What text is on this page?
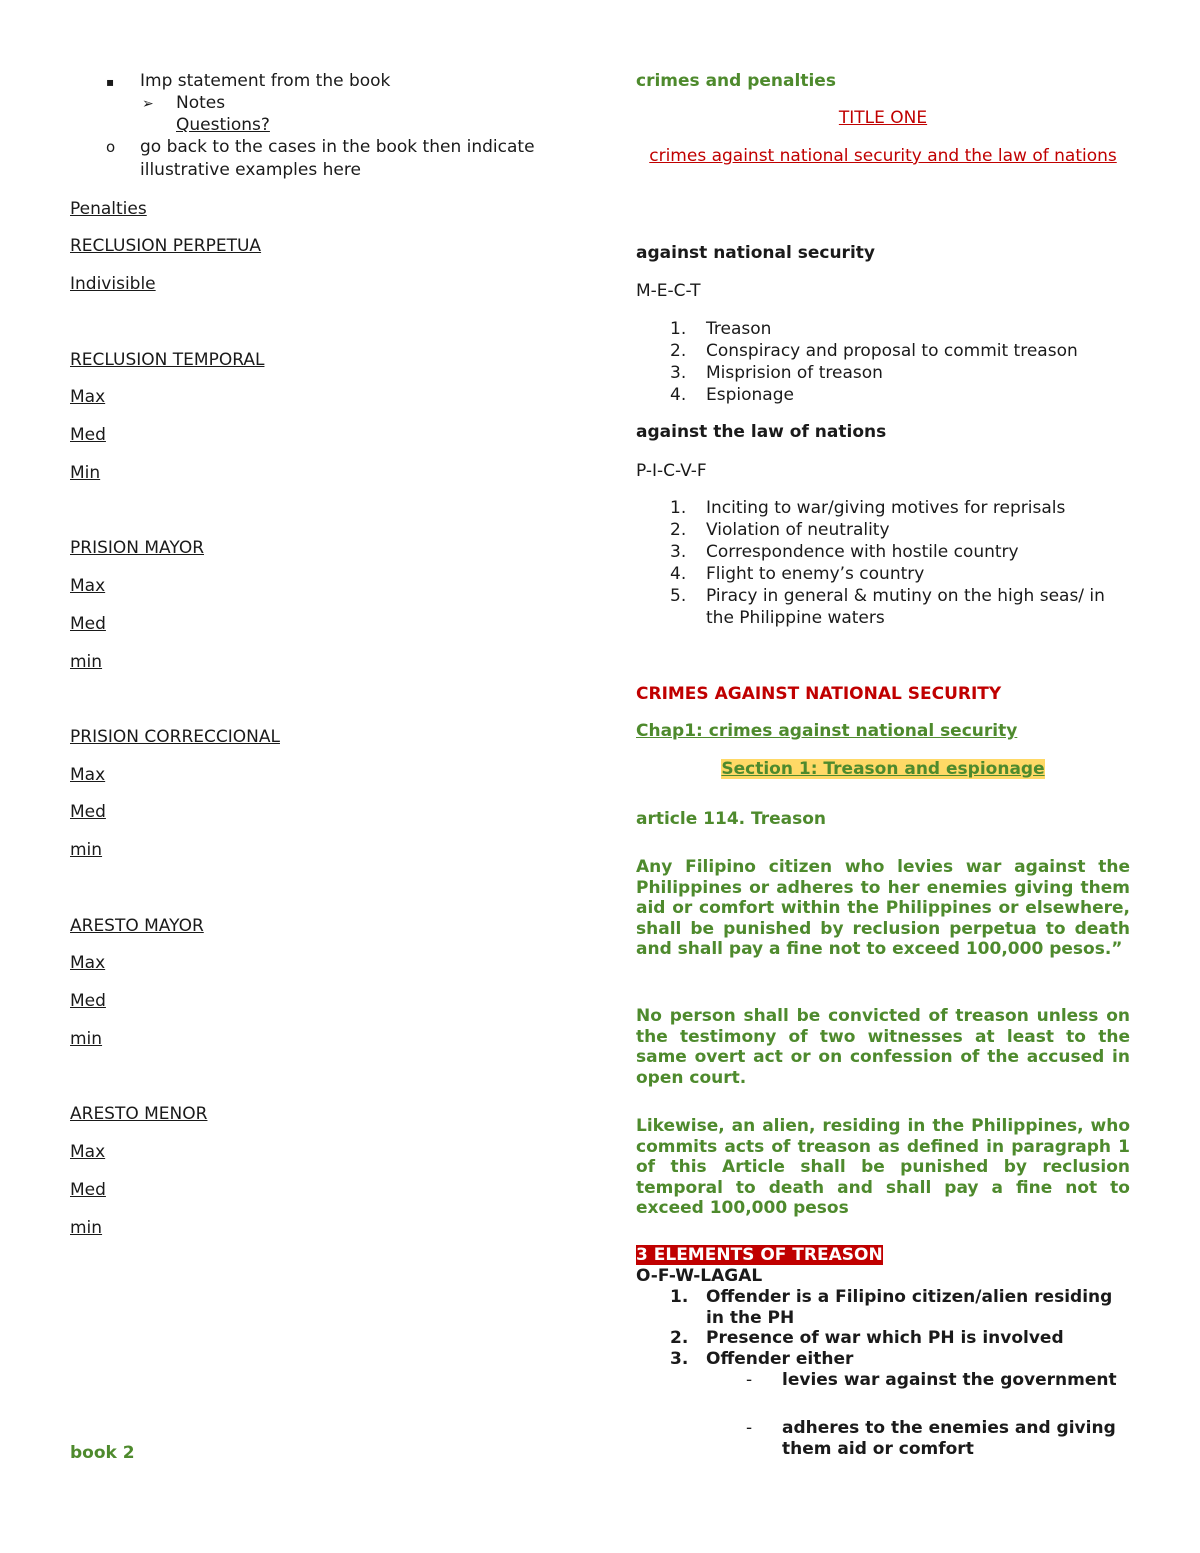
▪ Imp statement from the book
➢ Notes
Questions?
o go back to the cases in the book then indicate
illustrative examples here
Penalties
RECLUSION PERPETUA
Indivisible
RECLUSION TEMPORAL
Max
Med
Min
PRISION MAYOR
Max
Med
min
PRISION CORRECCIONAL
Max
Med
min
ARESTO MAYOR
Max
Med
min
ARESTO MENOR
Max
Med
min
book 2
crimes and penalties
TITLE ONE
crimes against national security and the law of nations
against national security
M-E-C-T
1.	Treason
2.	Conspiracy and proposal to commit treason
3.	Misprision of treason
4.	Espionage
against the law of nations
P-I-C-V-F
1.	Inciting to war/giving motives for reprisals
2.	Violation of neutrality
3.	Correspondence with hostile country
4.	Flight to enemy’s country
5.	Piracy in general & mutiny on the high seas/ in the Philippine waters
CRIMES AGAINST NATIONAL SECURITY
Chap1: crimes against national security
Section 1: Treason and espionage
article 114. Treason
Any Filipino citizen who levies war against the Philippines or adheres to her enemies giving them aid or comfort within the Philippines or elsewhere, shall be punished by reclusion perpetua to death and shall pay a fine not to exceed 100,000 pesos.”
No person shall be convicted of treason unless on the testimony of two witnesses at least to the same overt act or on confession of the accused in open court.
Likewise, an alien, residing in the Philippines, who commits acts of treason as defined in paragraph 1 of this Article shall be punished by reclusion temporal to death and shall pay a fine not to exceed 100,000 pesos
3 ELEMENTS OF TREASON
O-F-W-LAGAL
1.	Offender is a Filipino citizen/alien residing in the PH
2.	Presence of war which PH is involved
3.	Offender either
- levies war against the government
- adheres to the enemies and giving them aid or comfort
